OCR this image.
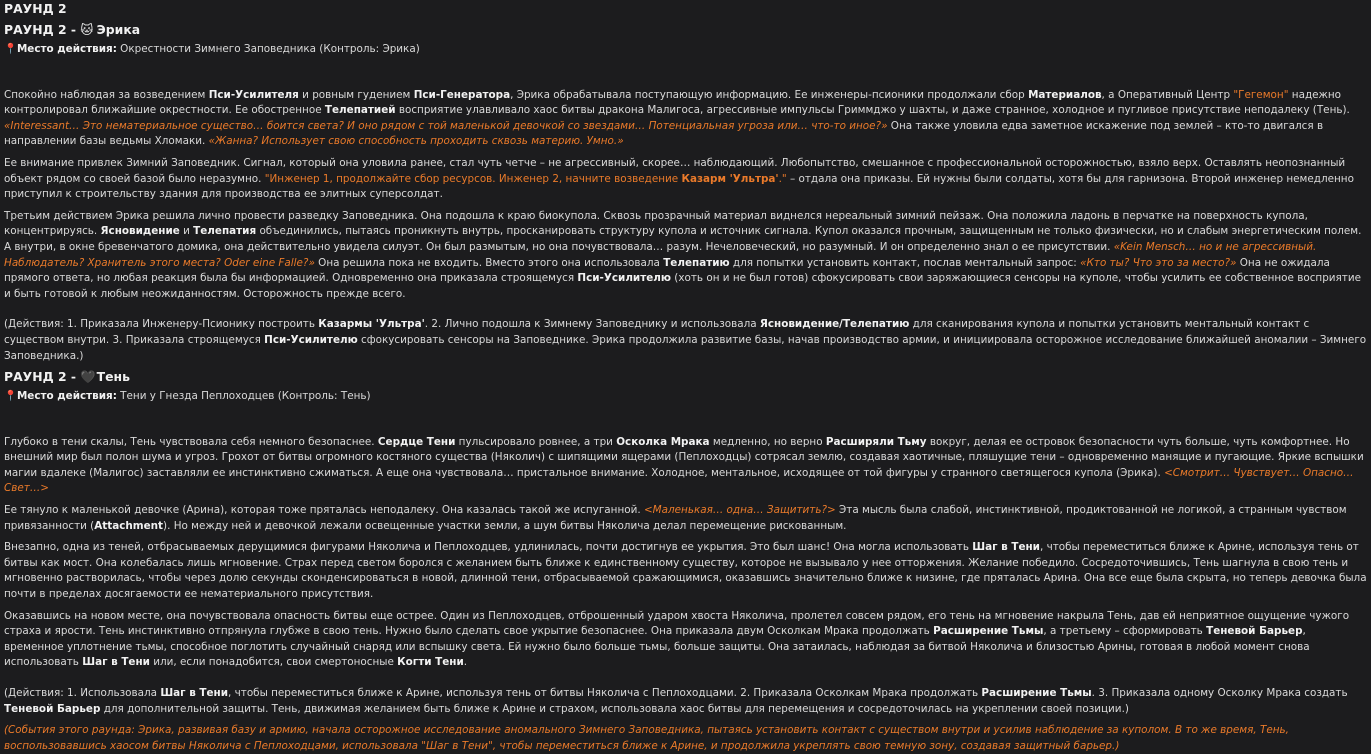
РАУНД 2
РАУНД 2 - 🐱 Эрика
📍Место действия: Окрестности Зимнего Заповедника (Контроль: Эрика)

Спокойно наблюдая за возведением Пси-Усилителя и ровным гудением Пси-Генератора, Эрика обрабатывала поступающую информацию. Ее инженеры-псионики продолжали сбор Материалов, а Оперативный Центр "Гегемон" надежно контролировал ближайшие окрестности. Ее обостренное Телепатией восприятие улавливало хаос битвы дракона Малигоса, агрессивные импульсы Гриммджо у шахты, и даже странное, холодное и пугливое присутствие неподалеку (Тень). «Interessant… Это нематериальное существо… боится света? И оно рядом с той маленькой девочкой со звездами… Потенциальная угроза или… что-то иное?» Она также уловила едва заметное искажение под землей – кто-то двигался в направлении базы ведьмы Хломаки. «Жанна? Использует свою способность проходить сквозь материю. Умно.»

Ее внимание привлек Зимний Заповедник. Сигнал, который она уловила ранее, стал чуть четче – не агрессивный, скорее… наблюдающий. Любопытство, смешанное с профессиональной осторожностью, взяло верх. Оставлять неопознанный объект рядом со своей базой было неразумно. "Инженер 1, продолжайте сбор ресурсов. Инженер 2, начните возведение Казарм 'Ультра'." – отдала она приказы. Ей нужны были солдаты, хотя бы для гарнизона. Второй инженер немедленно приступил к строительству здания для производства ее элитных суперсолдат.

Третьим действием Эрика решила лично провести разведку Заповедника. Она подошла к краю биокупола. Сквозь прозрачный материал виднелся нереальный зимний пейзаж. Она положила ладонь в перчатке на поверхность купола, концентрируясь. Ясновидение и Телепатия объединились, пытаясь проникнуть внутрь, просканировать структуру купола и источник сигнала. Купол оказался прочным, защищенным не только физически, но и слабым энергетическим полем. А внутри, в окне бревенчатого домика, она действительно увидела силуэт. Он был размытым, но она почувствовала… разум. Нечеловеческий, но разумный. И он определенно знал о ее присутствии. «Kein Mensch… но и не агрессивный. Наблюдатель? Хранитель этого места? Oder eine Falle?» Она решила пока не входить. Вместо этого она использовала Телепатию для попытки установить контакт, послав ментальный запрос: «Кто ты? Что это за место?» Она не ожидала прямого ответа, но любая реакция была бы информацией. Одновременно она приказала строящемуся Пси-Усилителю (хоть он и не был готов) сфокусировать свои заряжающиеся сенсоры на куполе, чтобы усилить ее собственное восприятие и быть готовой к любым неожиданностям. Осторожность прежде всего.

(Действия: 1. Приказала Инженеру-Псионику построить Казармы 'Ультра'. 2. Лично подошла к Зимнему Заповеднику и использовала Ясновидение/Телепатию для сканирования купола и попытки установить ментальный контакт с существом внутри. 3. Приказала строящемуся Пси-Усилителю сфокусировать сенсоры на Заповеднике. Эрика продолжила развитие базы, начав производство армии, и инициировала осторожное исследование ближайшей аномалии – Зимнего Заповедника.)

РАУНД 2 - 🖤 Тень
📍Место действия: Тени у Гнезда Пеплоходцев (Контроль: Тень)

Глубоко в тени скалы, Тень чувствовала себя немного безопаснее. Сердце Тени пульсировало ровнее, а три Осколка Мрака медленно, но верно Расширяли Тьму вокруг, делая ее островок безопасности чуть больше, чуть комфортнее. Но внешний мир был полон шума и угроз. Грохот от битвы огромного костяного существа (Няколич) с шипящими ящерами (Пеплоходцы) сотрясал землю, создавая хаотичные, пляшущие тени – одновременно манящие и пугающие. Яркие вспышки магии вдалеке (Малигос) заставляли ее инстинктивно сжиматься. А еще она чувствовала… пристальное внимание. Холодное, ментальное, исходящее от той фигуры у странного светящегося купола (Эрика). <Смотрит… Чувствует… Опасно… Свет…>

Ее тянуло к маленькой девочке (Арина), которая тоже пряталась неподалеку. Она казалась такой же испуганной. <Маленькая… одна… Защитить?> Эта мысль была слабой, инстинктивной, продиктованной не логикой, а странным чувством привязанности (Attachment). Но между ней и девочкой лежали освещенные участки земли, а шум битвы Няколича делал перемещение рискованным.

Внезапно, одна из теней, отбрасываемых дерущимися фигурами Няколича и Пеплоходцев, удлинилась, почти достигнув ее укрытия. Это был шанс! Она могла использовать Шаг в Тени, чтобы переместиться ближе к Арине, используя тень от битвы как мост. Она колебалась лишь мгновение. Страх перед светом боролся с желанием быть ближе к единственному существу, которое не вызывало у нее отторжения. Желание победило. Сосредоточившись, Тень шагнула в свою тень и мгновенно растворилась, чтобы через долю секунды сконденсироваться в новой, длинной тени, отбрасываемой сражающимися, оказавшись значительно ближе к низине, где пряталась Арина. Она все еще была скрыта, но теперь девочка была почти в пределах досягаемости ее нематериального присутствия.

Оказавшись на новом месте, она почувствовала опасность битвы еще острее. Один из Пеплоходцев, отброшенный ударом хвоста Няколича, пролетел совсем рядом, его тень на мгновение накрыла Тень, дав ей неприятное ощущение чужого страха и ярости. Тень инстинктивно отпрянула глубже в свою тень. Нужно было сделать свое укрытие безопаснее. Она приказала двум Осколкам Мрака продолжать Расширение Тьмы, а третьему – сформировать Теневой Барьер, временное уплотнение тьмы, способное поглотить случайный снаряд или вспышку света. Ей нужно было больше тьмы, больше защиты. Она затаилась, наблюдая за битвой Няколича и близостью Арины, готовая в любой момент снова использовать Шаг в Тени или, если понадобится, свои смертоносные Когти Тени.

(Действия: 1. Использовала Шаг в Тени, чтобы переместиться ближе к Арине, используя тень от битвы Няколича с Пеплоходцами. 2. Приказала Осколкам Мрака продолжать Расширение Тьмы. 3. Приказала одному Осколку Мрака создать Теневой Барьер для дополнительной защиты. Тень, движимая желанием быть ближе к Арине и страхом, использовала хаос битвы для перемещения и сосредоточилась на укреплении своей позиции.)

(События этого раунда: Эрика, развивая базу и армию, начала осторожное исследование аномального Зимнего Заповедника, пытаясь установить контакт с существом внутри и усилив наблюдение за куполом. В то же время, Тень, воспользовавшись хаосом битвы Няколича с Пеплоходцами, использовала "Шаг в Тени", чтобы переместиться ближе к Арине, и продолжила укреплять свою темную зону, создавая защитный барьер.)
